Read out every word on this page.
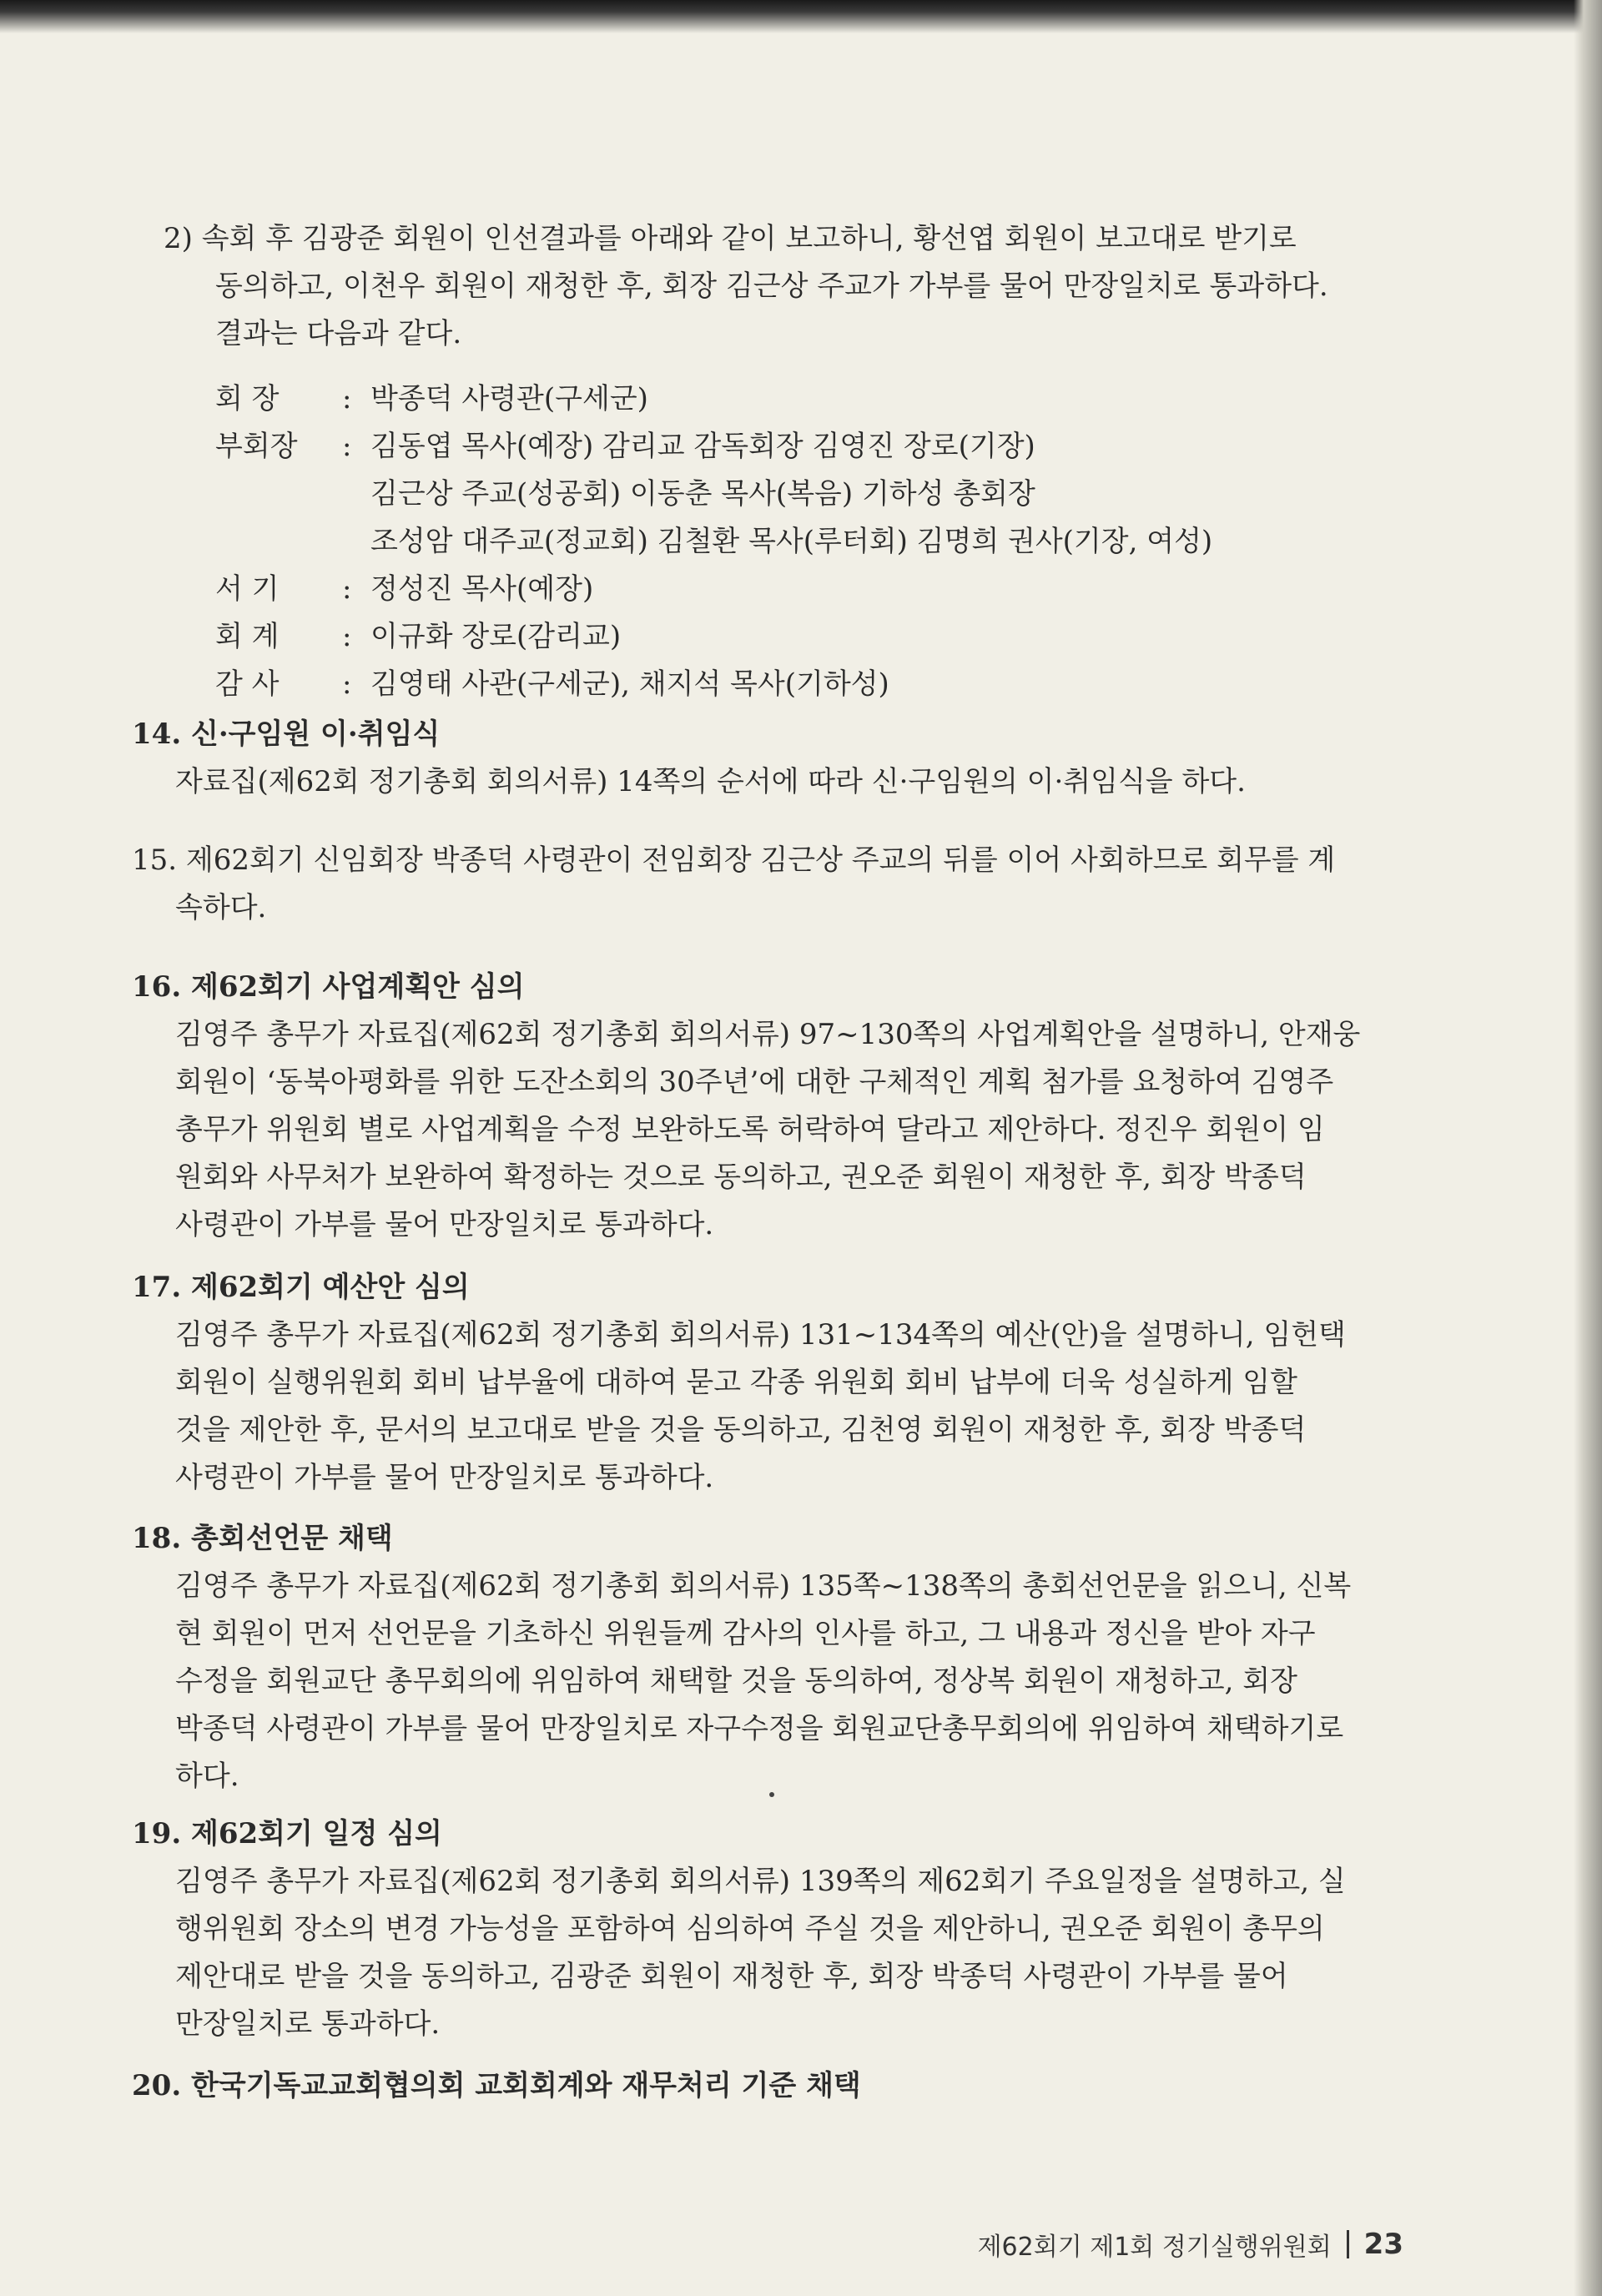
2) 속회 후 김광준 회원이 인선결과를 아래와 같이 보고하니, 황선엽 회원이 보고대로 받기로
동의하고, 이천우 회원이 재청한 후, 회장 김근상 주교가 가부를 물어 만장일치로 통과하다.
결과는 다음과 같다.
회 장	: 박종덕 사령관(구세군)
부회장	: 김동엽 목사(예장) 감리교 감독회장 김영진 장로(기장)
김근상 주교(성공회) 이동춘 목사(복음) 기하성 총회장
조성암 대주교(정교회) 김철환 목사(루터회) 김명희 권사(기장, 여성)
서 기	: 정성진 목사(예장)
회 계	: 이규화 장로(감리교)
감 사	: 김영태 사관(구세군), 채지석 목사(기하성)
14. 신·구임원 이·취임식
자료집(제62회 정기총회 회의서류) 14쪽의 순서에 따라 신·구임원의 이·취임식을 하다.
15. 제62회기 신임회장 박종덕 사령관이 전임회장 김근상 주교의 뒤를 이어 사회하므로 회무를 계
속하다.
16. 제62회기 사업계획안 심의
김영주 총무가 자료집(제62회 정기총회 회의서류) 97~130쪽의 사업계획안을 설명하니, 안재웅
회원이 ‘동북아평화를 위한 도잔소회의 30주년’에 대한 구체적인 계획 첨가를 요청하여 김영주
총무가 위원회 별로 사업계획을 수정 보완하도록 허락하여 달라고 제안하다. 정진우 회원이 임
원회와 사무처가 보완하여 확정하는 것으로 동의하고, 권오준 회원이 재청한 후, 회장 박종덕
사령관이 가부를 물어 만장일치로 통과하다.
17. 제62회기 예산안 심의
김영주 총무가 자료집(제62회 정기총회 회의서류) 131~134쪽의 예산(안)을 설명하니, 임헌택
회원이 실행위원회 회비 납부율에 대하여 묻고 각종 위원회 회비 납부에 더욱 성실하게 임할
것을 제안한 후, 문서의 보고대로 받을 것을 동의하고, 김천영 회원이 재청한 후, 회장 박종덕
사령관이 가부를 물어 만장일치로 통과하다.
18. 총회선언문 채택
김영주 총무가 자료집(제62회 정기총회 회의서류) 135쪽~138쪽의 총회선언문을 읽으니, 신복
현 회원이 먼저 선언문을 기초하신 위원들께 감사의 인사를 하고, 그 내용과 정신을 받아 자구
수정을 회원교단 총무회의에 위임하여 채택할 것을 동의하여, 정상복 회원이 재청하고, 회장
박종덕 사령관이 가부를 물어 만장일치로 자구수정을 회원교단총무회의에 위임하여 채택하기로
하다.
19. 제62회기 일정 심의
김영주 총무가 자료집(제62회 정기총회 회의서류) 139쪽의 제62회기 주요일정을 설명하고, 실
행위원회 장소의 변경 가능성을 포함하여 심의하여 주실 것을 제안하니, 권오준 회원이 총무의
제안대로 받을 것을 동의하고, 김광준 회원이 재청한 후, 회장 박종덕 사령관이 가부를 물어
만장일치로 통과하다.
20. 한국기독교교회협의회 교회회계와 재무처리 기준 채택
제62회기 제1회 정기실행위원회 23
